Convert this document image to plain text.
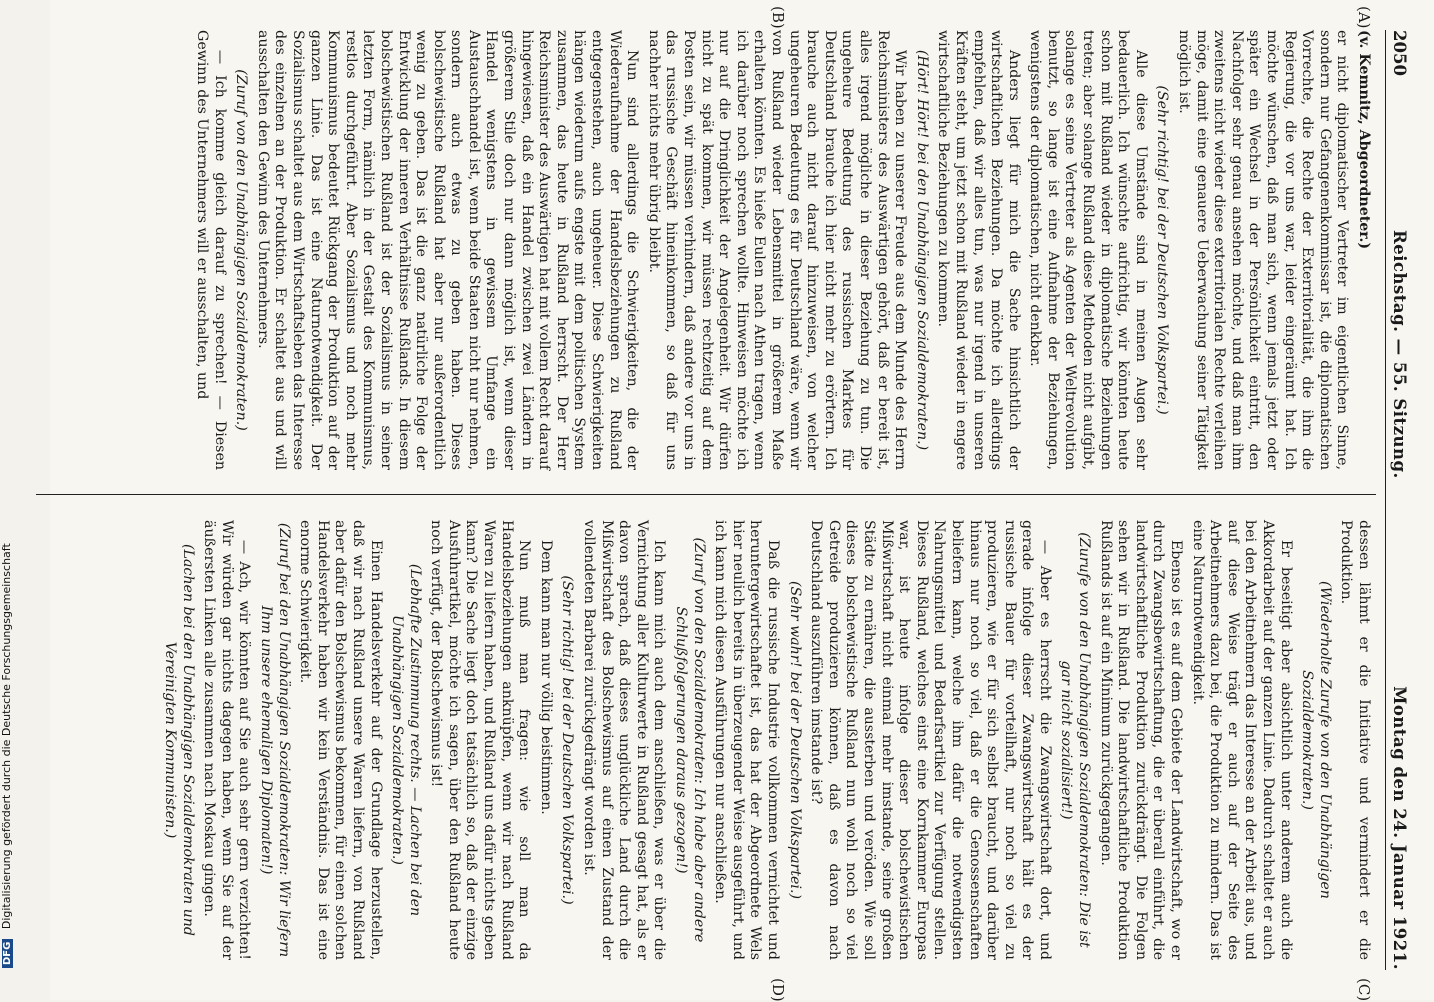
2050
Reichstag. — 55. Sitzung.
Montag den 24. Januar 1921.
(A)
(B)
(C)
(D)

(v. Kemnitz, Abgeordneter.)

er nicht diplomatischer Vertreter im eigentlichen Sinne, sondern nur Gefangenenkommissar ist, die diplomatischen Vorrechte, die Rechte der Exterritorialität, die ihm die Regierung, die vor uns war, leider eingeräumt hat. Ich möchte wünschen, daß man sich, wenn jemals jetzt oder später ein Wechsel in der Persönlichkeit eintritt, den Nachfolger sehr genau ansehen möchte, und daß man ihm zweitens nicht wieder diese exterritorialen Rechte verleihen möge, damit eine genauere Ueberwachung seiner Tätigkeit möglich ist.

(Sehr richtig! bei der Deutschen Volkspartei.)

Alle diese Umstände sind in meinen Augen sehr bedauerlich. Ich wünschte aufrichtig, wir könnten heute schon mit Rußland wieder in diplomatische Beziehungen treten; aber solange Rußland diese Methoden nicht aufgibt, solange es seine Vertreter als Agenten der Weltrevolution benutzt, so lange ist eine Aufnahme der Beziehungen, wenigstens der diplomatischen, nicht denkbar.

Anders liegt für mich die Sache hinsichtlich der wirtschaftlichen Beziehungen. Da möchte ich allerdings empfehlen, daß wir alles tun, was nur irgend in unseren Kräften steht, um jetzt schon mit Rußland wieder in engere wirtschaftliche Beziehungen zu kommen.

(Hört! Hört! bei den Unabhängigen Sozialdemokraten.)

Wir haben zu unserer Freude aus dem Munde des Herrn Reichsministers des Auswärtigen gehört, daß er bereit ist, alles irgend mögliche in dieser Beziehung zu tun. Die ungeheure Bedeutung des russischen Marktes für Deutschland brauche ich hier nicht mehr zu erörtern. Ich brauche auch nicht darauf hinzuweisen, von welcher ungeheuren Bedeutung es für Deutschland wäre, wenn wir von Rußland wieder Lebensmittel in größerem Maße erhalten könnten. Es hieße Eulen nach Athen tragen, wenn ich darüber noch sprechen wollte. Hinweisen möchte ich nur auf die Dringlichkeit der Angelegenheit. Wir dürfen nicht zu spät kommen, wir müssen rechtzeitig auf dem Posten sein, wir müssen verhindern, daß andere vor uns in das russische Geschäft hineinkommen, so daß für uns nachher nichts mehr übrig bleibt.

Nun sind allerdings die Schwierigkeiten, die der Wiederaufnahme der Handelsbeziehungen zu Rußland entgegenstehen, auch ungeheuer. Diese Schwierigkeiten hängen wiederum aufs engste mit dem politischen System zusammen, das heute in Rußland herrscht. Der Herr Reichsminister des Auswärtigen hat mit vollem Recht darauf hingewiesen, daß ein Handel zwischen zwei Ländern in größerem Stile doch nur dann möglich ist, wenn dieser Handel wenigstens in gewissem Umfange ein Austauschhandel ist, wenn beide Staaten nicht nur nehmen, sondern auch etwas zu geben haben. Dieses bolschewistische Rußland hat aber nur außerordentlich wenig zu geben. Das ist die ganz natürliche Folge der Entwicklung der inneren Verhältnisse Rußlands. In diesem bolschewistischen Rußland ist der Sozialismus in seiner letzten Form, nämlich in der Gestalt des Kommunismus, restlos durchgeführt. Aber Sozialismus und noch mehr Kommunismus bedeutet Rückgang der Produktion auf der ganzen Linie. Das ist eine Naturnotwendigkeit. Der Sozialismus schaltet aus dem Wirtschaftsleben das Interesse des einzelnen an der Produktion. Er schaltet aus und will ausschalten den Gewinn des Unternehmers.

(Zuruf von den Unabhängigen Sozialdemokraten.)

— Ich komme gleich darauf zu sprechen! — Diesen Gewinn des Unternehmers will er ausschalten, und

dessen lähmt er die Initiative und vermindert er die Produktion.

(Wiederholte Zurufe von den Unabhängigen Sozialdemokraten.)

Er beseitigt aber absichtlich unter anderem auch die Akkordarbeit auf der ganzen Linie. Dadurch schaltet er auch bei den Arbeitnehmern das Interesse an der Arbeit aus, und auf diese Weise trägt er auch auf der Seite des Arbeitnehmers dazu bei, die Produktion zu mindern. Das ist eine Naturnotwendigkeit.

Ebenso ist es auf dem Gebiete der Landwirtschaft, wo er durch Zwangsbewirtschaftung, die er überall einführt, die landwirtschaftliche Produktion zurückdrängt. Die Folgen sehen wir in Rußland. Die landwirtschaftliche Produktion Rußlands ist auf ein Minimum zurückgegangen.

(Zurufe von den Unabhängigen Sozialdemokraten: Die ist gar nicht sozialisiert!)

— Aber es herrscht die Zwangswirtschaft dort, und gerade infolge dieser Zwangswirtschaft hält es der russische Bauer für vorteilhaft, nur noch so viel zu produzieren, wie er für sich selbst braucht, und darüber hinaus nur noch so viel, daß er die Genossenschaften beliefern kann, welche ihm dafür die notwendigsten Nahrungsmittel und Bedarfsartikel zur Verfügung stellen. Dieses Rußland, welches einst eine Kornkammer Europas war, ist heute infolge dieser bolschewistischen Mißwirtschaft nicht einmal mehr imstande, seine großen Städte zu ernähren, die aussterben und veröden. Wie soll dieses bolschewistische Rußland nun wohl noch so viel Getreide produzieren können, daß es davon nach Deutschland auszuführen imstande ist?

(Sehr wahr! bei der Deutschen Volkspartei.)

Daß die russische Industrie vollkommen vernichtet und heruntergewirtschaftet ist, das hat der Abgeordnete Wels hier neulich bereits in überzeugender Weise ausgeführt, und ich kann mich diesen Ausführungen nur anschließen.

(Zuruf von den Sozialdemokraten: Ich habe aber andere Schlußfolgerungen daraus gezogen!)

Ich kann mich auch dem anschließen, was er über die Vernichtung aller Kulturwerte in Rußland gesagt hat, als er davon sprach, daß dieses unglückliche Land durch die Mißwirtschaft des Bolschewismus auf einen Zustand der vollendeten Barbarei zurückgedrängt worden ist.

(Sehr richtig! bei der Deutschen Volkspartei.)

Dem kann man nur völlig beistimmen.

Nun muß man fragen: wie soll man da Handelsbeziehungen anknüpfen, wenn wir nach Rußland Waren zu liefern haben, und Rußland uns dafür nichts geben kann? Die Sache liegt doch tatsächlich so, daß der einzige Ausfuhrartikel, möchte ich sagen, über den Rußland heute noch verfügt, der Bolschewismus ist!

(Lebhafte Zustimmung rechts. — Lachen bei den Unabhängigen Sozialdemokraten.)

Einen Handelsverkehr auf der Grundlage herzustellen, daß wir nach Rußland unsere Waren liefern, von Rußland aber dafür den Bolschewismus bekommen, für einen solchen Handelsverkehr haben wir kein Verständnis. Das ist eine enorme Schwierigkeit.

(Zuruf bei den Unabhängigen Sozialdemokraten: Wir liefern Ihm unsere ehemaligen Diplomaten!)

— Ach, wir könnten auf Sie auch sehr gern verzichten! Wir würden gar nichts dagegen haben, wenn Sie auf der äußersten Linken alle zusammen nach Moskau gingen.

(Lachen bei den Unabhängigen Sozialdemokraten und Vereinigten Kommunisten.)

DFG Digitalisierung gefördert durch die Deutsche Forschungsgemeinschaft
